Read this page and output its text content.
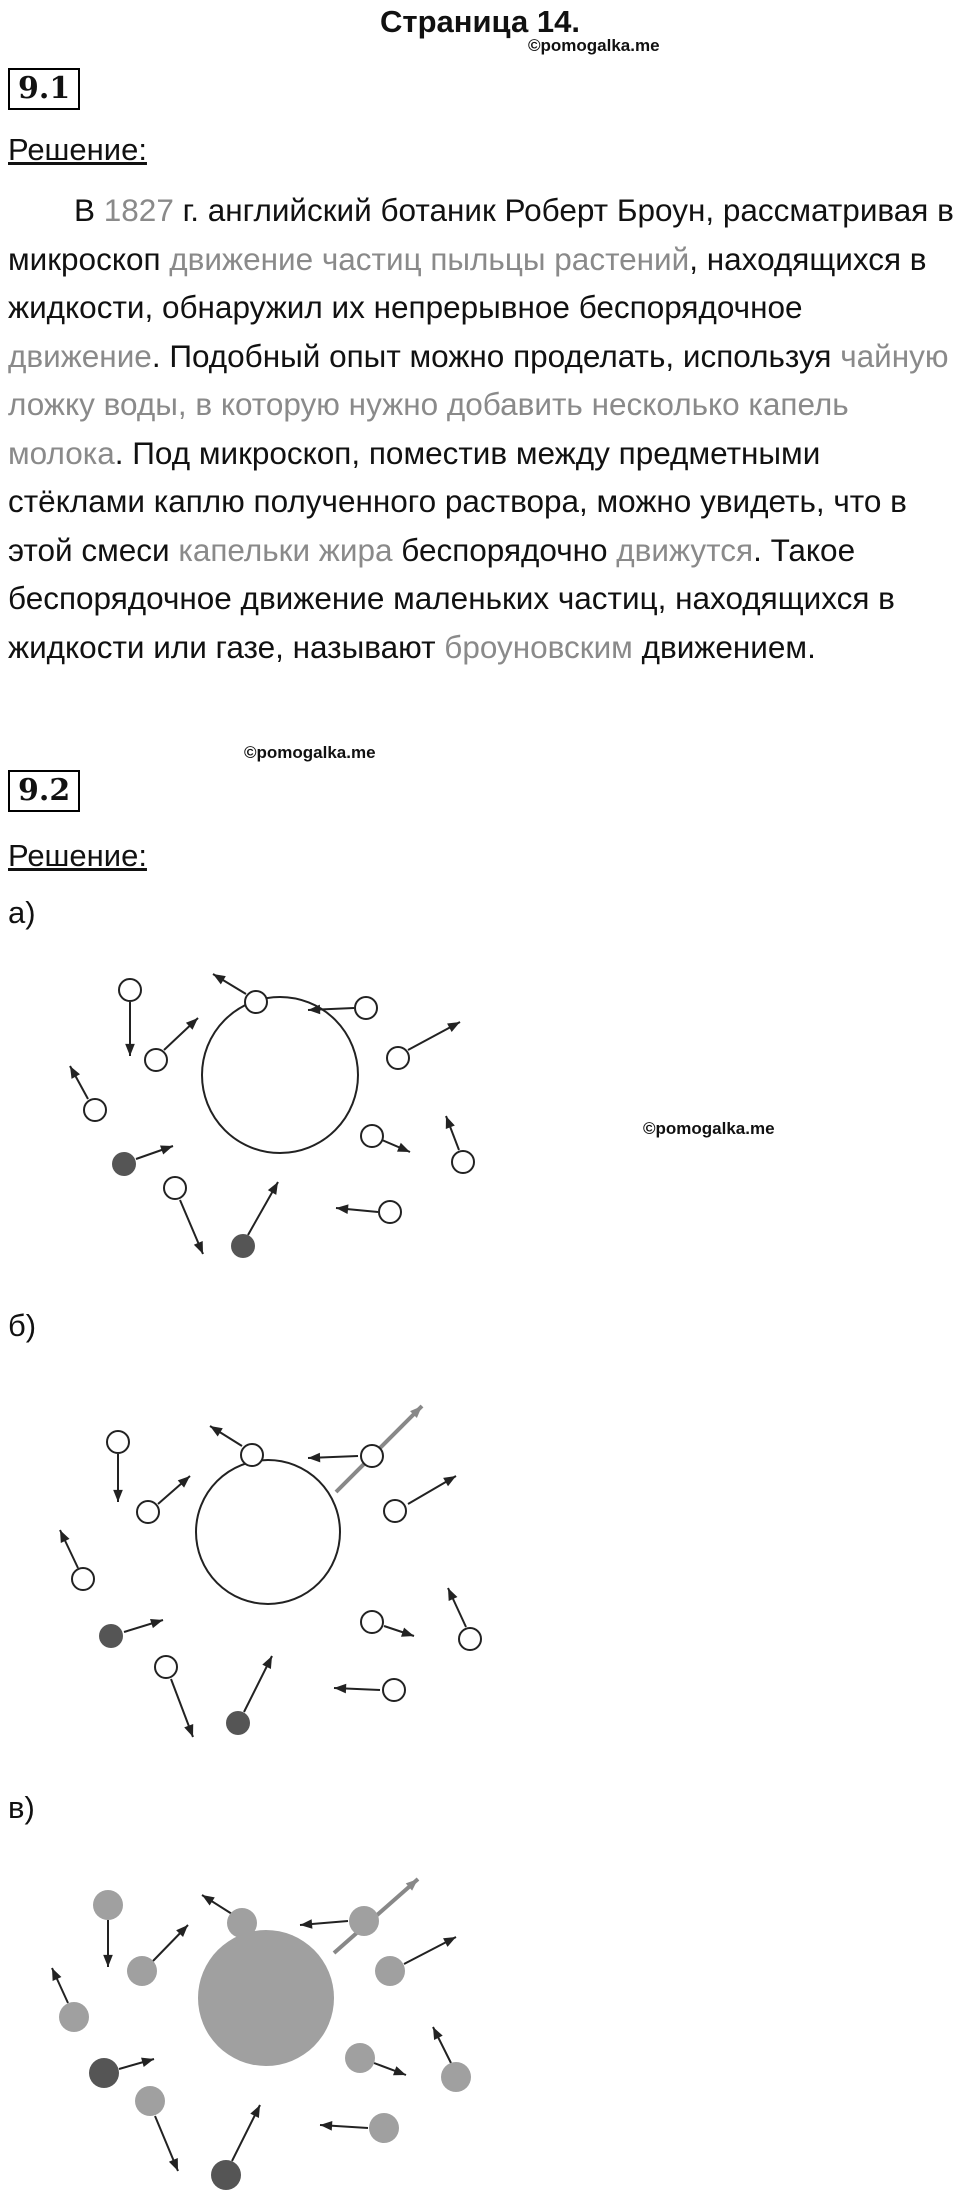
Страница 14.
©pomogalka.me
9.1
Решение:

В 1827 г. английский ботаник Роберт Броун, рассматривая в микроскоп движение частиц пыльцы растений, находящихся в жидкости, обнаружил их непрерывное беспорядочное движение. Подобный опыт можно проделать, используя чайную ложку воды, в которую нужно добавить несколько капель молока. Под микроскоп, поместив между предметными стёклами каплю полученного раствора, можно увидеть, что в этой смеси капельки жира беспорядочно движутся. Такое беспорядочное движение маленьких частиц, находящихся в жидкости или газе, называют броуновским движением.

©pomogalka.me
9.2
Решение:
а)
©pomogalka.me
б)
в)
